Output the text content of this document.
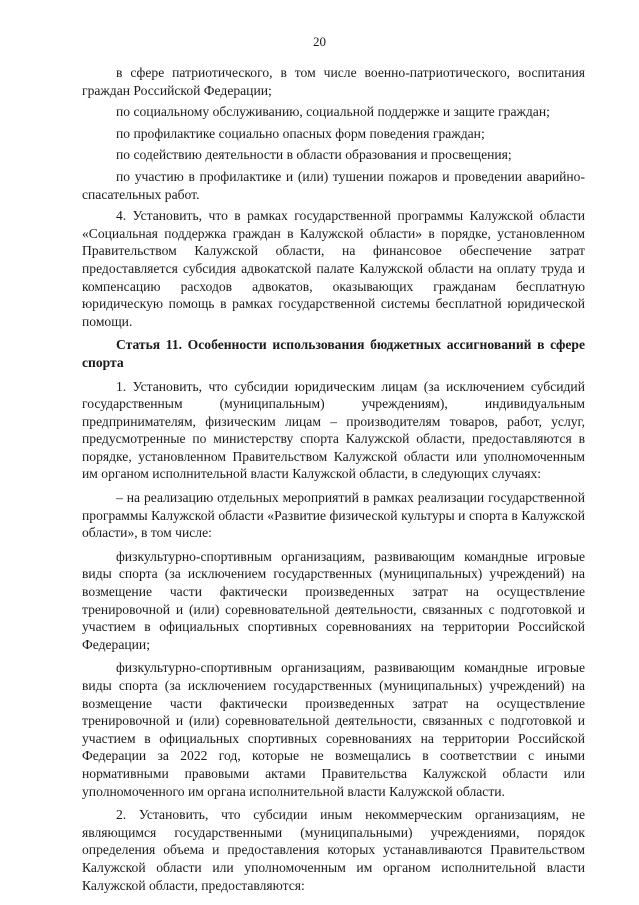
20

в сфере патриотического, в том числе военно-патриотического, воспитания граждан Российской Федерации;

по социальному обслуживанию, социальной поддержке и защите граждан;

по профилактике социально опасных форм поведения граждан;

по содействию деятельности в области образования и просвещения;

по участию в профилактике и (или) тушении пожаров и проведении аварийно-спасательных работ.

4. Установить, что в рамках государственной программы Калужской области «Социальная поддержка граждан в Калужской области» в порядке, установленном Правительством Калужской области, на финансовое обеспечение затрат предоставляется субсидия адвокатской палате Калужской области на оплату труда и компенсацию расходов адвокатов, оказывающих гражданам бесплатную юридическую помощь в рамках государственной системы бесплатной юридической помощи.

Статья 11. Особенности использования бюджетных ассигнований в сфере спорта

1. Установить, что субсидии юридическим лицам (за исключением субсидий государственным (муниципальным) учреждениям), индивидуальным предпринимателям, физическим лицам – производителям товаров, работ, услуг, предусмотренные по министерству спорта Калужской области, предоставляются в порядке, установленном Правительством Калужской области или уполномоченным им органом исполнительной власти Калужской области, в следующих случаях:

– на реализацию отдельных мероприятий в рамках реализации государственной программы Калужской области «Развитие физической культуры и спорта в Калужской области», в том числе:

физкультурно-спортивным организациям, развивающим командные игровые виды спорта (за исключением государственных (муниципальных) учреждений) на возмещение части фактически произведенных затрат на осуществление тренировочной и (или) соревновательной деятельности, связанных с подготовкой и участием в официальных спортивных соревнованиях на территории Российской Федерации;

физкультурно-спортивным организациям, развивающим командные игровые виды спорта (за исключением государственных (муниципальных) учреждений) на возмещение части фактически произведенных затрат на осуществление тренировочной и (или) соревновательной деятельности, связанных с подготовкой и участием в официальных спортивных соревнованиях на территории Российской Федерации за 2022 год, которые не возмещались в соответствии с иными нормативными правовыми актами Правительства Калужской области или уполномоченного им органа исполнительной власти Калужской области.

2. Установить, что субсидии иным некоммерческим организациям, не являющимся государственными (муниципальными) учреждениями, порядок определения объема и предоставления которых устанавливаются Правительством Калужской области или уполномоченным им органом исполнительной власти Калужской области, предоставляются:
